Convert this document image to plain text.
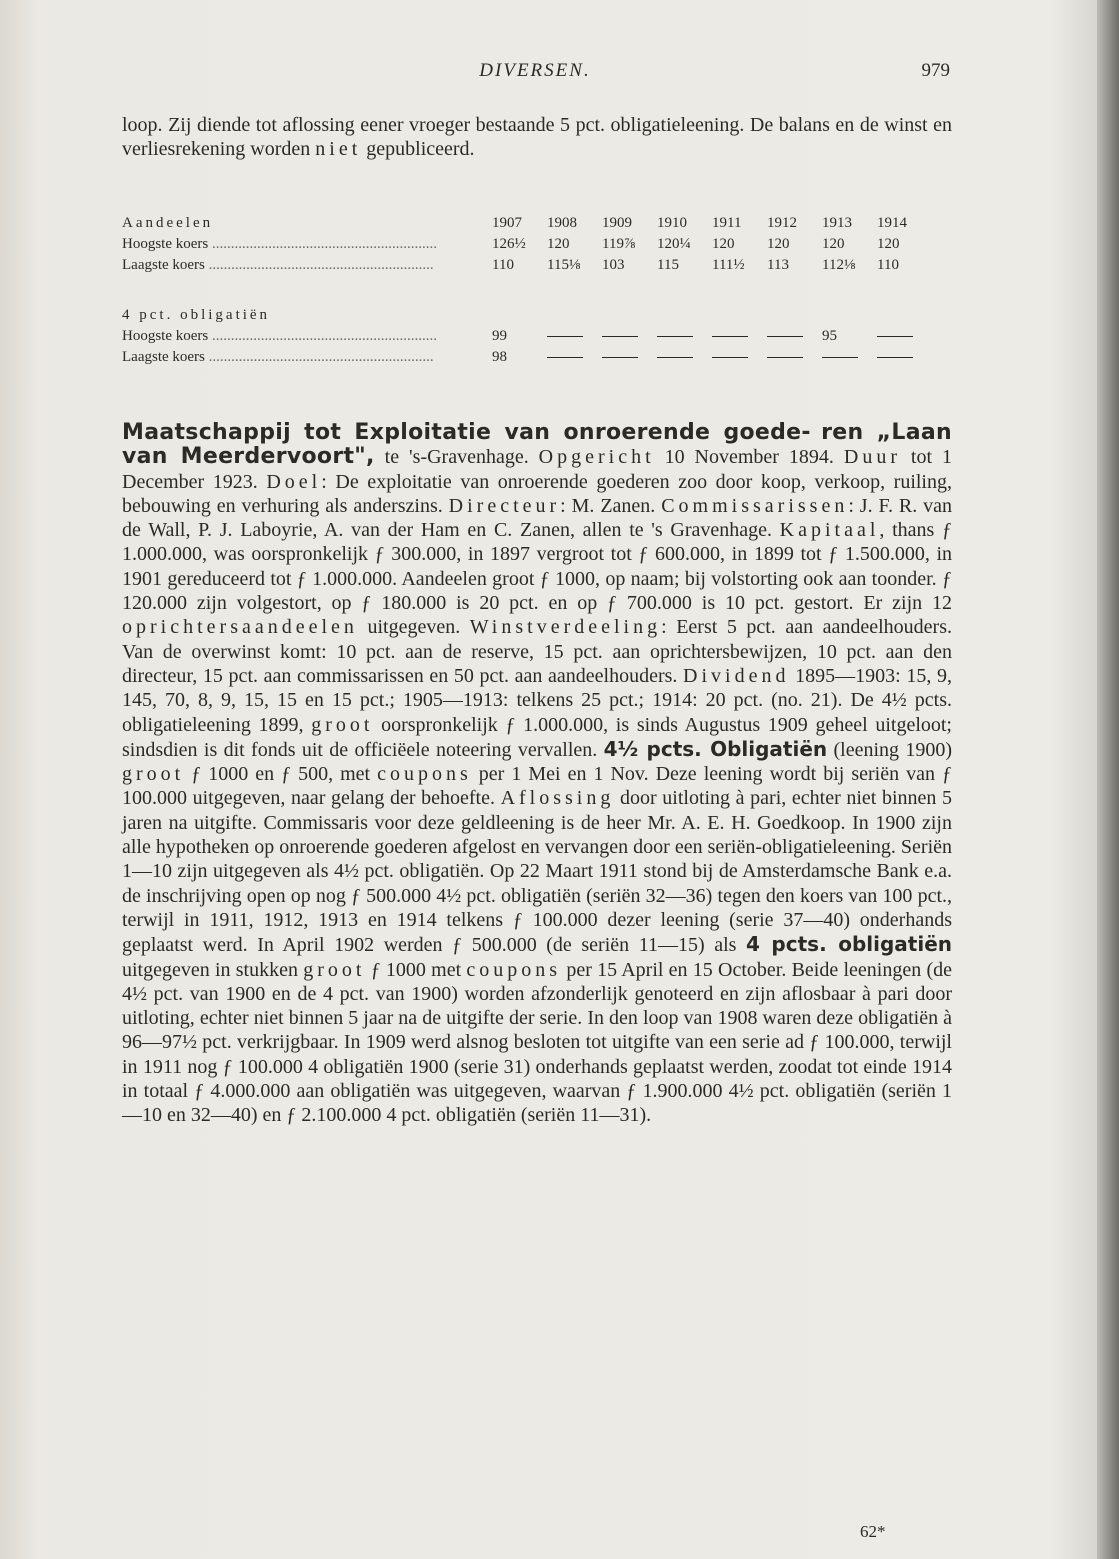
DIVERSEN.	979

loop. Zij diende tot aflossing eener vroeger bestaande 5 pct. obligatieleening. De balans en de winst en verliesrekening worden niet gepubliceerd.

Aandeelen	1907	1908	1909	1910	1911	1912	1913	1914
Hoogste koers ............................................................	126½	120	119⅞	120¼	120	120	120	120
Laagste koers ............................................................	110	115⅛	103	115	111½	113	112⅛	110

4 pct. obligatiën								
Hoogste koers ............................................................	99						95	
Laagste koers ............................................................	98							

Maatschappij tot Exploitatie van onroerende goede- ren „Laan van Meerdervoort", te 's-Gravenhage. Opgericht 10 November 1894. Duur tot 1 December 1923. Doel: De exploitatie van onroerende goederen zoo door koop, verkoop, ruiling, bebouwing en verhuring als anderszins. Directeur: M. Zanen. Commissarissen: J. F. R. van de Wall, P. J. Laboyrie, A. van der Ham en C. Zanen, allen te 's Gravenhage. Kapitaal, thans ƒ 1.000.000, was oorspronkelijk ƒ 300.000, in 1897 vergroot tot ƒ 600.000, in 1899 tot ƒ 1.500.000, in 1901 gereduceerd tot ƒ 1.000.000. Aandeelen groot ƒ 1000, op naam; bij volstorting ook aan toonder. ƒ 120.000 zijn volgestort, op ƒ 180.000 is 20 pct. en op ƒ 700.000 is 10 pct. gestort. Er zijn 12 oprichtersaandeelen uitgegeven. Winstverdeeling: Eerst 5 pct. aan aandeelhouders. Van de overwinst komt: 10 pct. aan de reserve, 15 pct. aan oprichtersbewijzen, 10 pct. aan den directeur, 15 pct. aan commissarissen en 50 pct. aan aandeelhouders. Dividend 1895—1903: 15, 9, 145, 70, 8, 9, 15, 15 en 15 pct.; 1905—1913: telkens 25 pct.; 1914: 20 pct. (no. 21). De 4½ pcts. obligatieleening 1899, groot oorspronkelijk ƒ 1.000.000, is sinds Augustus 1909 geheel uitgeloot; sindsdien is dit fonds uit de officiëele noteering vervallen. 4½ pcts. Obligatiën (leening 1900) groot ƒ 1000 en ƒ 500, met coupons per 1 Mei en 1 Nov. Deze leening wordt bij seriën van ƒ 100.000 uitgegeven, naar gelang der behoefte. Aflossing door uitloting à pari, echter niet binnen 5 jaren na uitgifte. Commissaris voor deze geldleening is de heer Mr. A. E. H. Goedkoop. In 1900 zijn alle hypotheken op onroerende goederen afgelost en vervangen door een seriën-obligatieleening. Seriën 1—10 zijn uitgegeven als 4½ pct. obligatiën. Op 22 Maart 1911 stond bij de Amsterdamsche Bank e.a. de inschrijving open op nog ƒ 500.000 4½ pct. obligatiën (seriën 32—36) tegen den koers van 100 pct., terwijl in 1911, 1912, 1913 en 1914 telkens ƒ 100.000 dezer leening (serie 37—40) onderhands geplaatst werd. In April 1902 werden ƒ 500.000 (de seriën 11—15) als 4 pcts. obligatiën uitgegeven in stukken groot ƒ 1000 met coupons per 15 April en 15 October. Beide leeningen (de 4½ pct. van 1900 en de 4 pct. van 1900) worden afzonderlijk genoteerd en zijn aflosbaar à pari door uitloting, echter niet binnen 5 jaar na de uitgifte der serie. In den loop van 1908 waren deze obligatiën à 96—97½ pct. verkrijgbaar. In 1909 werd alsnog besloten tot uitgifte van een serie ad ƒ 100.000, terwijl in 1911 nog ƒ 100.000 4 obligatiën 1900 (serie 31) onderhands geplaatst werden, zoodat tot einde 1914 in totaal ƒ 4.000.000 aan obligatiën was uitgegeven, waarvan ƒ 1.900.000 4½ pct. obligatiën (seriën 1—10 en 32—40) en ƒ 2.100.000 4 pct. obligatiën (seriën 11—31).

62*
